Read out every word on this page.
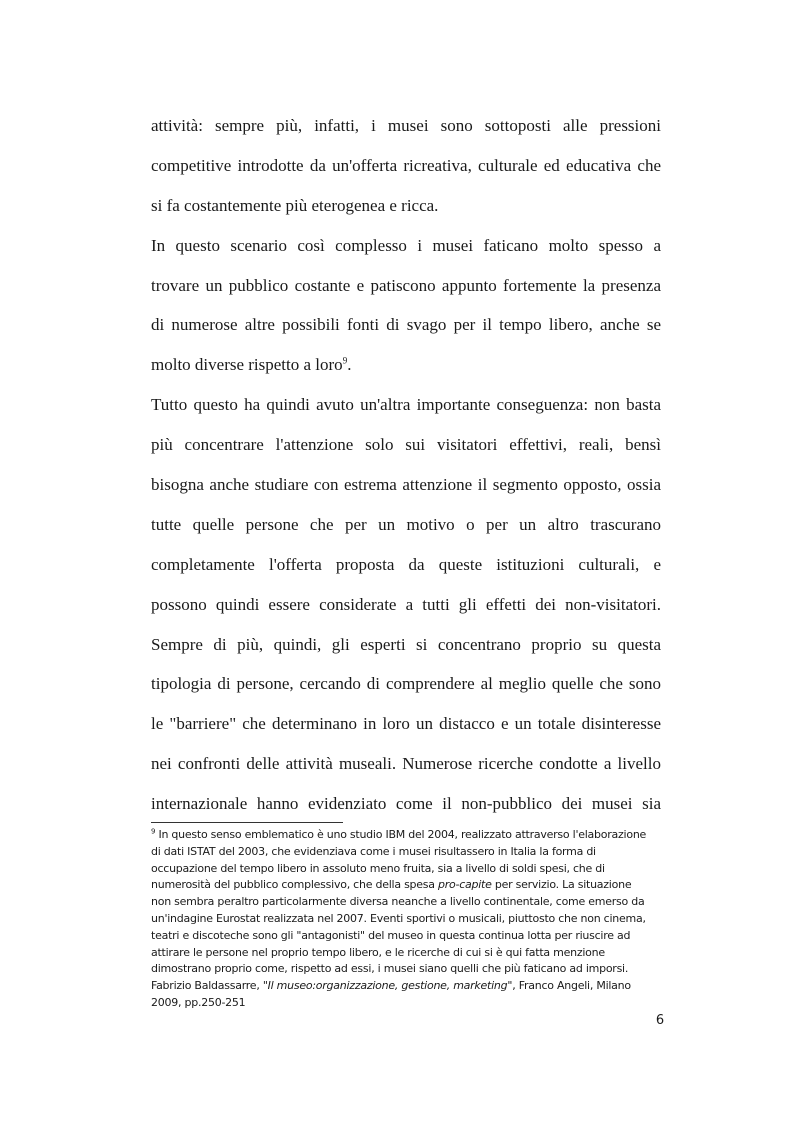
attività: sempre più, infatti, i musei sono sottoposti alle pressioni
competitive introdotte da un'offerta ricreativa, culturale ed educativa che
si fa costantemente più eterogenea e ricca.
In questo scenario così complesso i musei faticano molto spesso a
trovare un pubblico costante e patiscono appunto fortemente la presenza
di numerose altre possibili fonti di svago per il tempo libero, anche se
molto diverse rispetto a loro$^9$.
Tutto questo ha quindi avuto un'altra importante conseguenza: non basta
più concentrare l'attenzione solo sui visitatori effettivi, reali, bensì
bisogna anche studiare con estrema attenzione il segmento opposto, ossia
tutte quelle persone che per un motivo o per un altro trascurano
completamente l'offerta proposta da queste istituzioni culturali, e
possono quindi essere considerate a tutti gli effetti dei non-visitatori.
Sempre di più, quindi, gli esperti si concentrano proprio su questa
tipologia di persone, cercando di comprendere al meglio quelle che sono
le "barriere" che determinano in loro un distacco e un totale disinteresse
nei confronti delle attività museali. Numerose ricerche condotte a livello
internazionale hanno evidenziato come il non-pubblico dei musei sia
$^9$ In questo senso emblematico è uno studio IBM del 2004, realizzato attraverso l'elaborazione
di dati ISTAT del 2003, che evidenziava come i musei risultassero in Italia la forma di
occupazione del tempo libero in assoluto meno fruita, sia a livello di soldi spesi, che di
numerosità del pubblico complessivo, che della spesa pro-capite per servizio. La situazione
non sembra peraltro particolarmente diversa neanche a livello continentale, come emerso da
un'indagine Eurostat realizzata nel 2007. Eventi sportivi o musicali, piuttosto che non cinema,
teatri e discoteche sono gli "antagonisti" del museo in questa continua lotta per riuscire ad
attirare le persone nel proprio tempo libero, e le ricerche di cui si è qui fatta menzione
dimostrano proprio come, rispetto ad essi, i musei siano quelli che più faticano ad imporsi.
Fabrizio Baldassarre, "Il museo:organizzazione, gestione, marketing", Franco Angeli, Milano
2009, pp.250-251
6
